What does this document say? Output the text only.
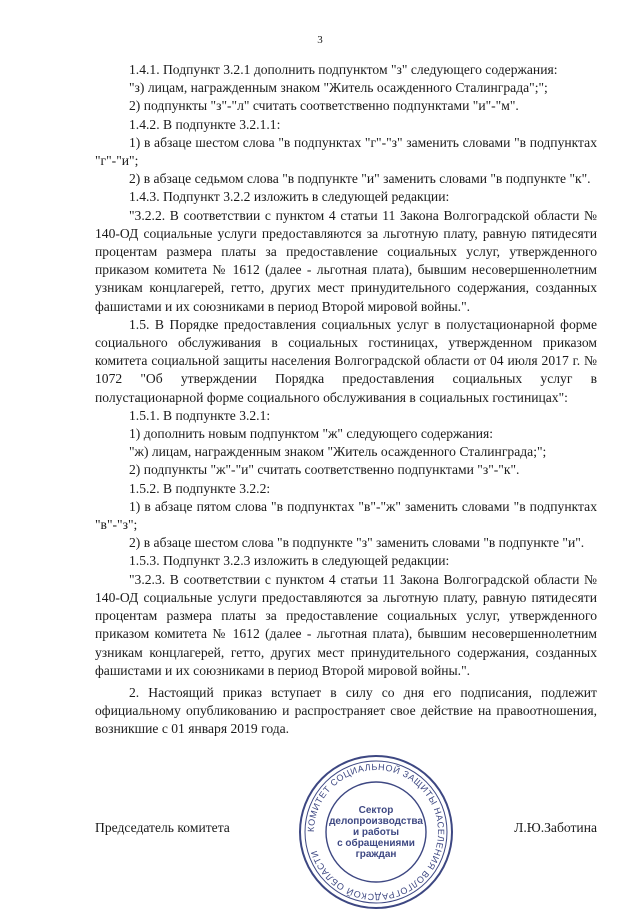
3

1.4.1. Подпункт 3.2.1 дополнить подпунктом "з" следующего содержания:

"з) лицам, награжденным знаком "Житель осажденного Сталинграда";";

2) подпункты "з"-"л" считать соответственно подпунктами "и"-"м".

1.4.2. В подпункте 3.2.1.1:

1) в абзаце шестом слова "в подпунктах "г"-"з" заменить словами "в подпунктах "г"-"и";

2) в абзаце седьмом слова "в подпункте "и" заменить словами "в подпункте "к".

1.4.3. Подпункт 3.2.2 изложить в следующей редакции:

"3.2.2. В соответствии с пунктом 4 статьи 11 Закона Волгоградской области № 140-ОД социальные услуги предоставляются за льготную плату, равную пятидесяти процентам размера платы за предоставление социальных услуг, утвержденного приказом комитета № 1612 (далее - льготная плата), бывшим несовершеннолетним узникам концлагерей, гетто, других мест принудительного содержания, созданных фашистами и их союзниками в период Второй мировой войны.".

1.5. В Порядке предоставления социальных услуг в полустационарной форме социального обслуживания в социальных гостиницах, утвержденном приказом комитета социальной защиты населения Волгоградской области от 04 июля 2017 г. № 1072 "Об утверждении Порядка предоставления социальных услуг в полустационарной форме социального обслуживания в социальных гостиницах":

1.5.1. В подпункте 3.2.1:

1) дополнить новым подпунктом "ж" следующего содержания:

"ж) лицам, награжденным знаком "Житель осажденного Сталинграда;";

2) подпункты "ж"-"и" считать соответственно подпунктами "з"-"к".

1.5.2. В подпункте 3.2.2:

1) в абзаце пятом слова "в подпунктах "в"-"ж" заменить словами "в подпунктах "в"-"з";

2) в абзаце шестом слова "в подпункте "з" заменить словами "в подпункте "и".

1.5.3. Подпункт 3.2.3 изложить в следующей редакции:

"3.2.3. В соответствии с пунктом 4 статьи 11 Закона Волгоградской области № 140-ОД социальные услуги предоставляются за льготную плату, равную пятидесяти процентам размера платы за предоставление социальных услуг, утвержденного приказом комитета № 1612 (далее - льготная плата), бывшим несовершеннолетним узникам концлагерей, гетто, других мест принудительного содержания, созданных фашистами и их союзниками в период Второй мировой войны.".

2. Настоящий приказ вступает в силу со дня его подписания, подлежит официальному опубликованию и распространяет свое действие на правоотношения, возникшие с 01 января 2019 года.

Председатель комитета	Л.Ю.Заботина
КОМИТЕТ СОЦИАЛЬНОЙ ЗАЩИТЫ НАСЕЛЕНИЯ ВОЛГОГРАДСКОЙ ОБЛАСТИ
Сектор
делопроизводства
и работы
с обращениями
граждан
